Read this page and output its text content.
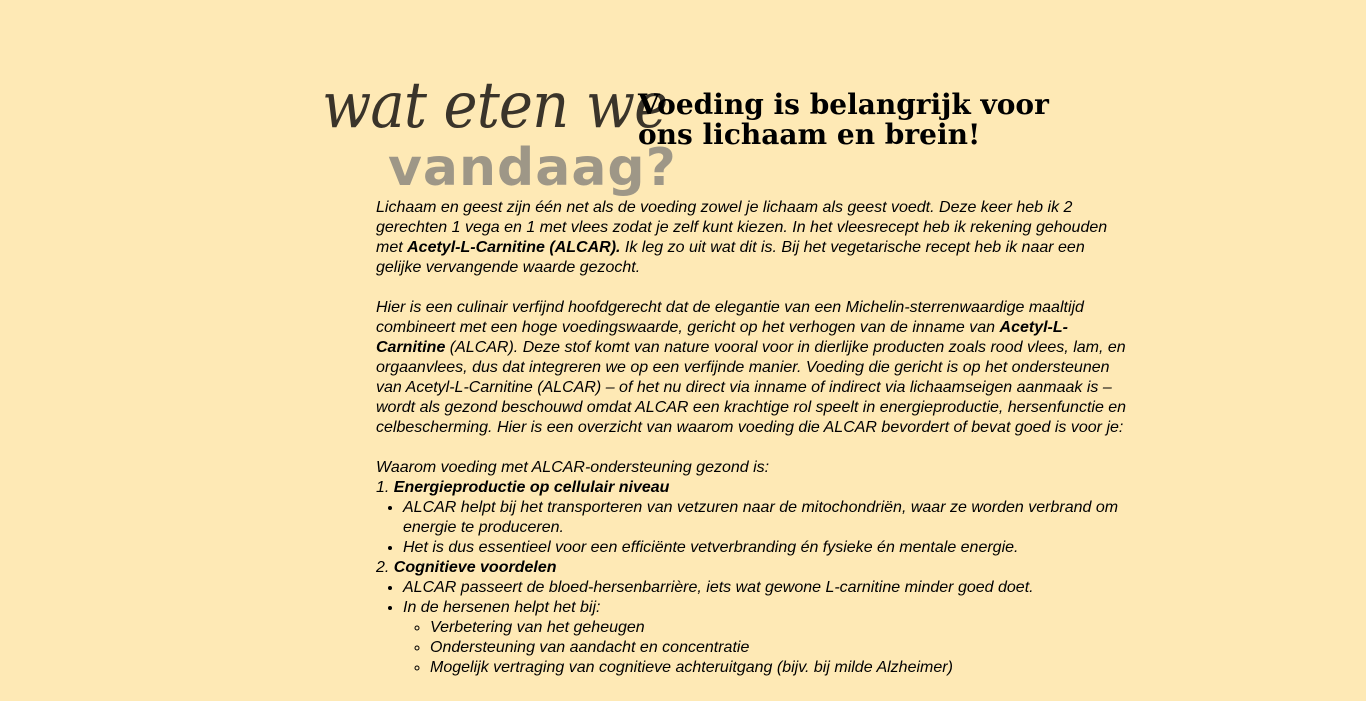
wat eten we
vandaag?
Voeding is belangrijk voor ons lichaam en brein!

Lichaam en geest zijn één net als de voeding zowel je lichaam als geest voedt. Deze keer heb ik 2 gerechten 1 vega en 1 met vlees zodat je zelf kunt kiezen. In het vleesrecept heb ik rekening gehouden met Acetyl-L-Carnitine (ALCAR). Ik leg zo uit wat dit is. Bij het vegetarische recept heb ik naar een gelijke vervangende waarde gezocht.

Hier is een culinair verfijnd hoofdgerecht dat de elegantie van een Michelin-sterrenwaardige maaltijd combineert met een hoge voedingswaarde, gericht op het verhogen van de inname van Acetyl-L-Carnitine (ALCAR). Deze stof komt van nature vooral voor in dierlijke producten zoals rood vlees, lam, en orgaanvlees, dus dat integreren we op een verfijnde manier. Voeding die gericht is op het ondersteunen van Acetyl-L-Carnitine (ALCAR) – of het nu direct via inname of indirect via lichaamseigen aanmaak is – wordt als gezond beschouwd omdat ALCAR een krachtige rol speelt in energieproductie, hersenfunctie en celbescherming. Hier is een overzicht van waarom voeding die ALCAR bevordert of bevat goed is voor je:

Waarom voeding met ALCAR-ondersteuning gezond is:

1. Energieproductie op cellulair niveau

• ALCAR helpt bij het transporteren van vetzuren naar de mitochondriën, waar ze worden verbrand om energie te produceren.
• Het is dus essentieel voor een efficiënte vetverbranding én fysieke én mentale energie.

2. Cognitieve voordelen

• ALCAR passeert de bloed-hersenbarrière, iets wat gewone L-carnitine minder goed doet.
• In de hersenen helpt het bij:
◦ Verbetering van het geheugen
◦ Ondersteuning van aandacht en concentratie
◦ Mogelijk vertraging van cognitieve achteruitgang (bijv. bij milde Alzheimer)
